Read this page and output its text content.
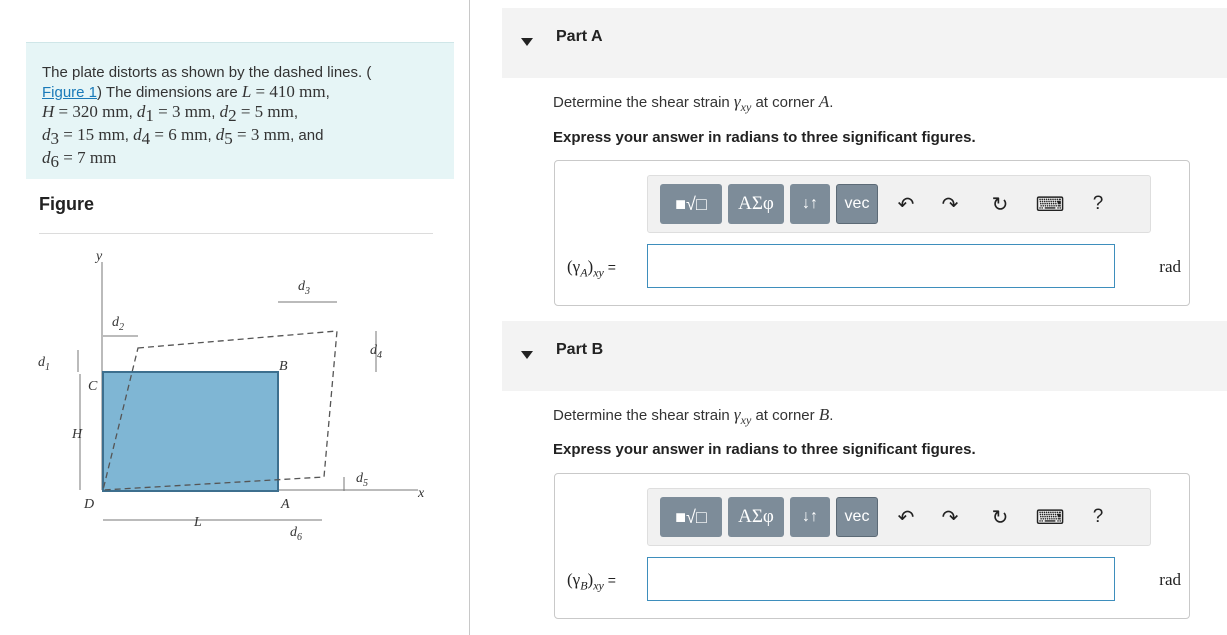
The plate distorts as shown by the dashed lines. (
Figure 1) The dimensions are L = 410 mm,
H = 320 mm, $d_1 = 3$ mm, $d_2 = 5$ mm,
$d_3 = 15$ mm, $d_4 = 6$ mm, $d_5 = 3$ mm, and
$d_6 = 7$ mm
Figure
y
x
H
L
$d_2$
$d_3$
$d_4$
$d_1$
$d_5$
$d_6$
C
B
D	A
Part A
Determine the shear strain $\gamma_{xy}$ at corner A.
Express your answer in radians to three significant figures.
■√□	ΑΣφ	↓↑	vec	↶ ↷ ↻ ⌨	?
$(\gamma_A)_{xy}$ =	rad
Part B
Determine the shear strain $\gamma_{xy}$ at corner B.
Express your answer in radians to three significant figures.
■√□	ΑΣφ	↓↑	vec	↶ ↷ ↻ ⌨	?
$(\gamma_B)_{xy}$ =	rad
